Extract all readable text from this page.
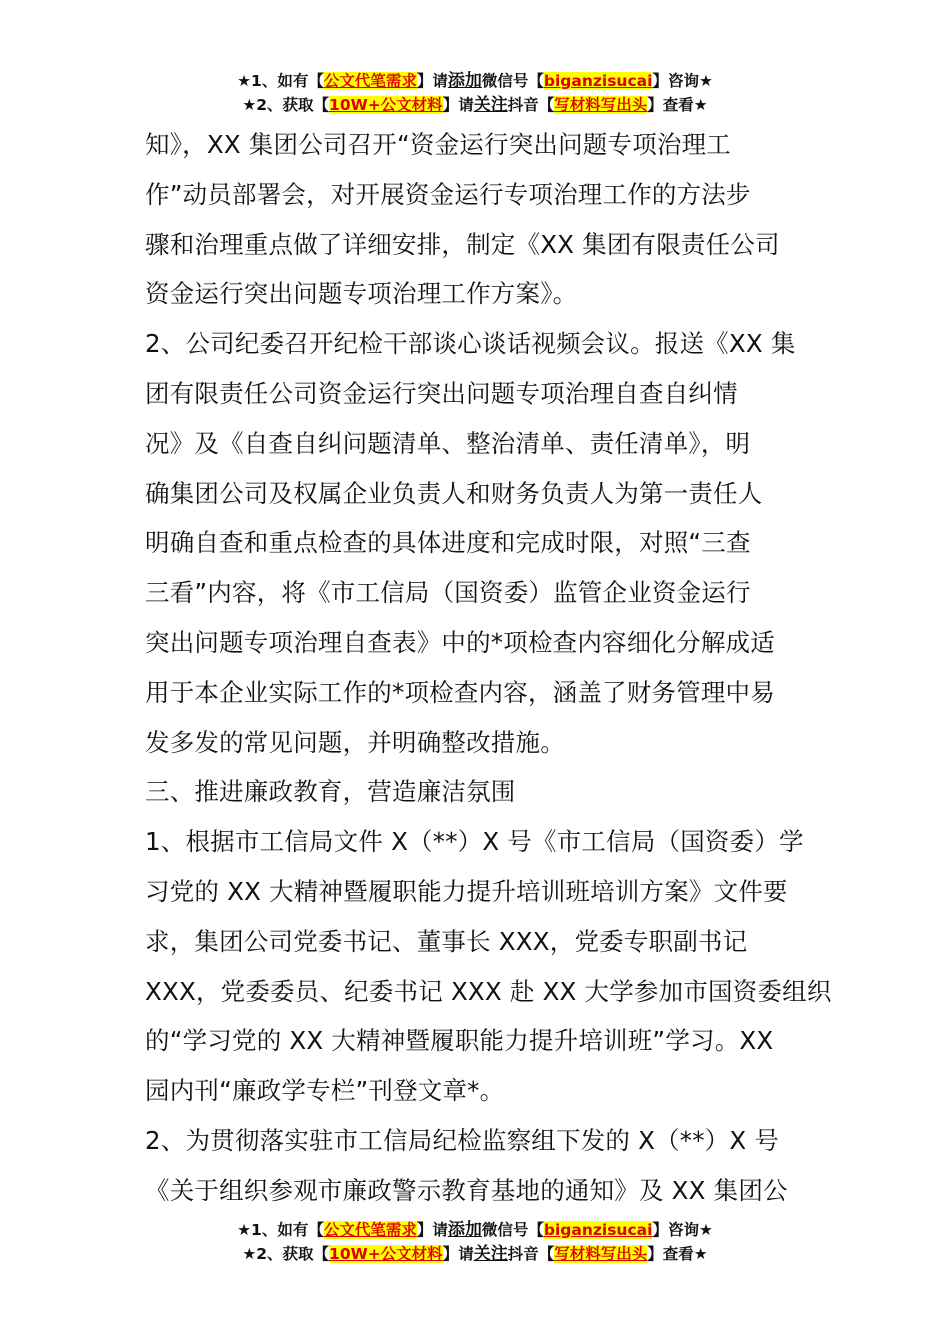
★1、如有【公文代笔需求】请添加微信号【biganzisucai】咨询★
★2、获取【10W+公文材料】请关注抖音【写材料写出头】查看★
知》，XX 集团公司召开“资金运行突出问题专项治理工
作”动员部署会，对开展资金运行专项治理工作的方法步
骤和治理重点做了详细安排，制定《XX 集团有限责任公司
资金运行突出问题专项治理工作方案》。
2、公司纪委召开纪检干部谈心谈话视频会议。报送《XX 集
团有限责任公司资金运行突出问题专项治理自查自纠情
况》及《自查自纠问题清单、整治清单、责任清单》，明
确集团公司及权属企业负责人和财务负责人为第一责任人
明确自查和重点检查的具体进度和完成时限，对照“三查
三看”内容，将《市工信局（国资委）监管企业资金运行
突出问题专项治理自查表》中的*项检查内容细化分解成适
用于本企业实际工作的*项检查内容，涵盖了财务管理中易
发多发的常见问题，并明确整改措施。
三、推进廉政教育，营造廉洁氛围
1、根据市工信局文件 X（**）X 号《市工信局（国资委）学
习党的 XX 大精神暨履职能力提升培训班培训方案》文件要
求，集团公司党委书记、董事长 XXX，党委专职副书记
XXX，党委委员、纪委书记 XXX 赴 XX 大学参加市国资委组织
的“学习党的 XX 大精神暨履职能力提升培训班”学习。XX
园内刊“廉政学专栏”刊登文章*。
2、为贯彻落实驻市工信局纪检监察组下发的 X（**）X 号
《关于组织参观市廉政警示教育基地的通知》及 XX 集团公
★1、如有【公文代笔需求】请添加微信号【biganzisucai】咨询★
★2、获取【10W+公文材料】请关注抖音【写材料写出头】查看★
